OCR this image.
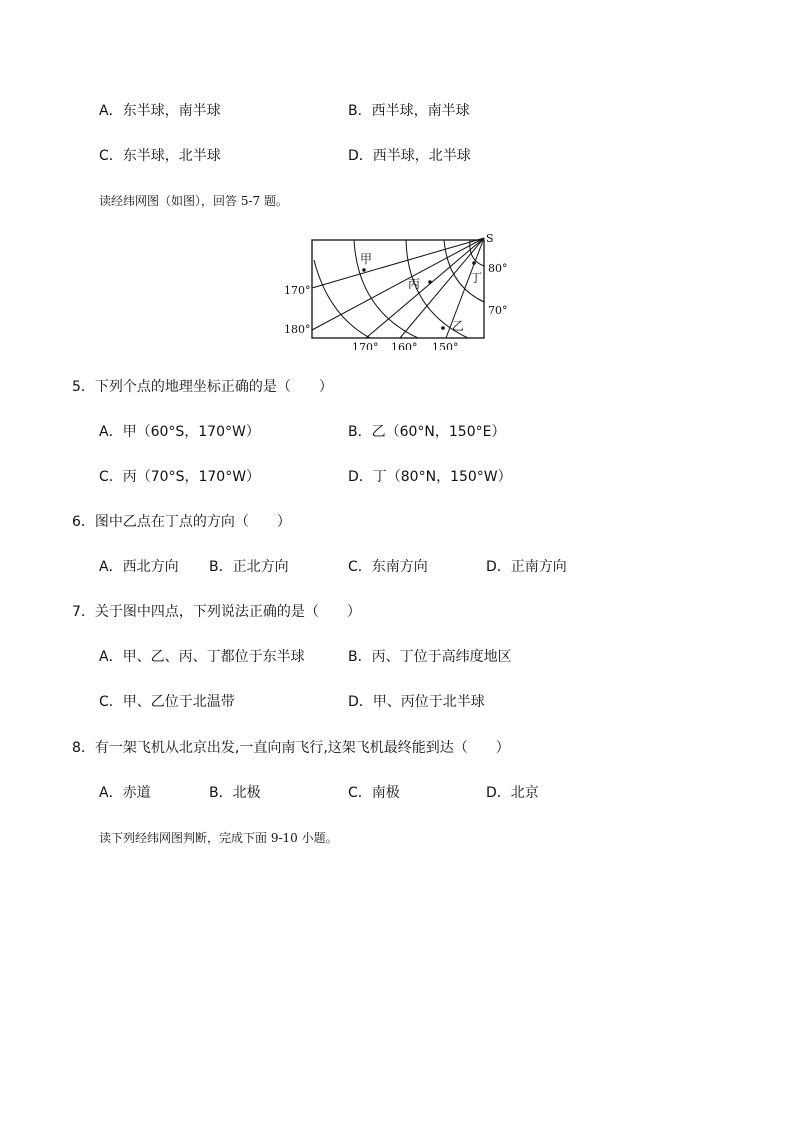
A．东半球，南半球	B．西半球，南半球
C．东半球，北半球	D．西半球，北半球
读经纬网图（如图），回答 5-7 题。
S
甲
乙
丙	丁
80°
70°
170°
180°
170° 160° 150°
5．下列个点的地理坐标正确的是（　　）
A．甲（60°S，170°W）	B．乙（60°N，150°E）
C．丙（70°S，170°W）	D．丁（80°N，150°W）
6．图中乙点在丁点的方向（　　）
A．西北方向 B．正北方向	C．东南方向	D．正南方向
7．关于图中四点，下列说法正确的是（　　）
A．甲、乙、丙、丁都位于东半球	B．丙、丁位于高纬度地区
C．甲、乙位于北温带	D．甲、丙位于北半球
8．有一架飞机从北京出发,一直向南飞行,这架飞机最终能到达（　　）
A．赤道	B．北极	C．南极	D．北京
读下列经纬网图判断，完成下面 9-10 小题。
